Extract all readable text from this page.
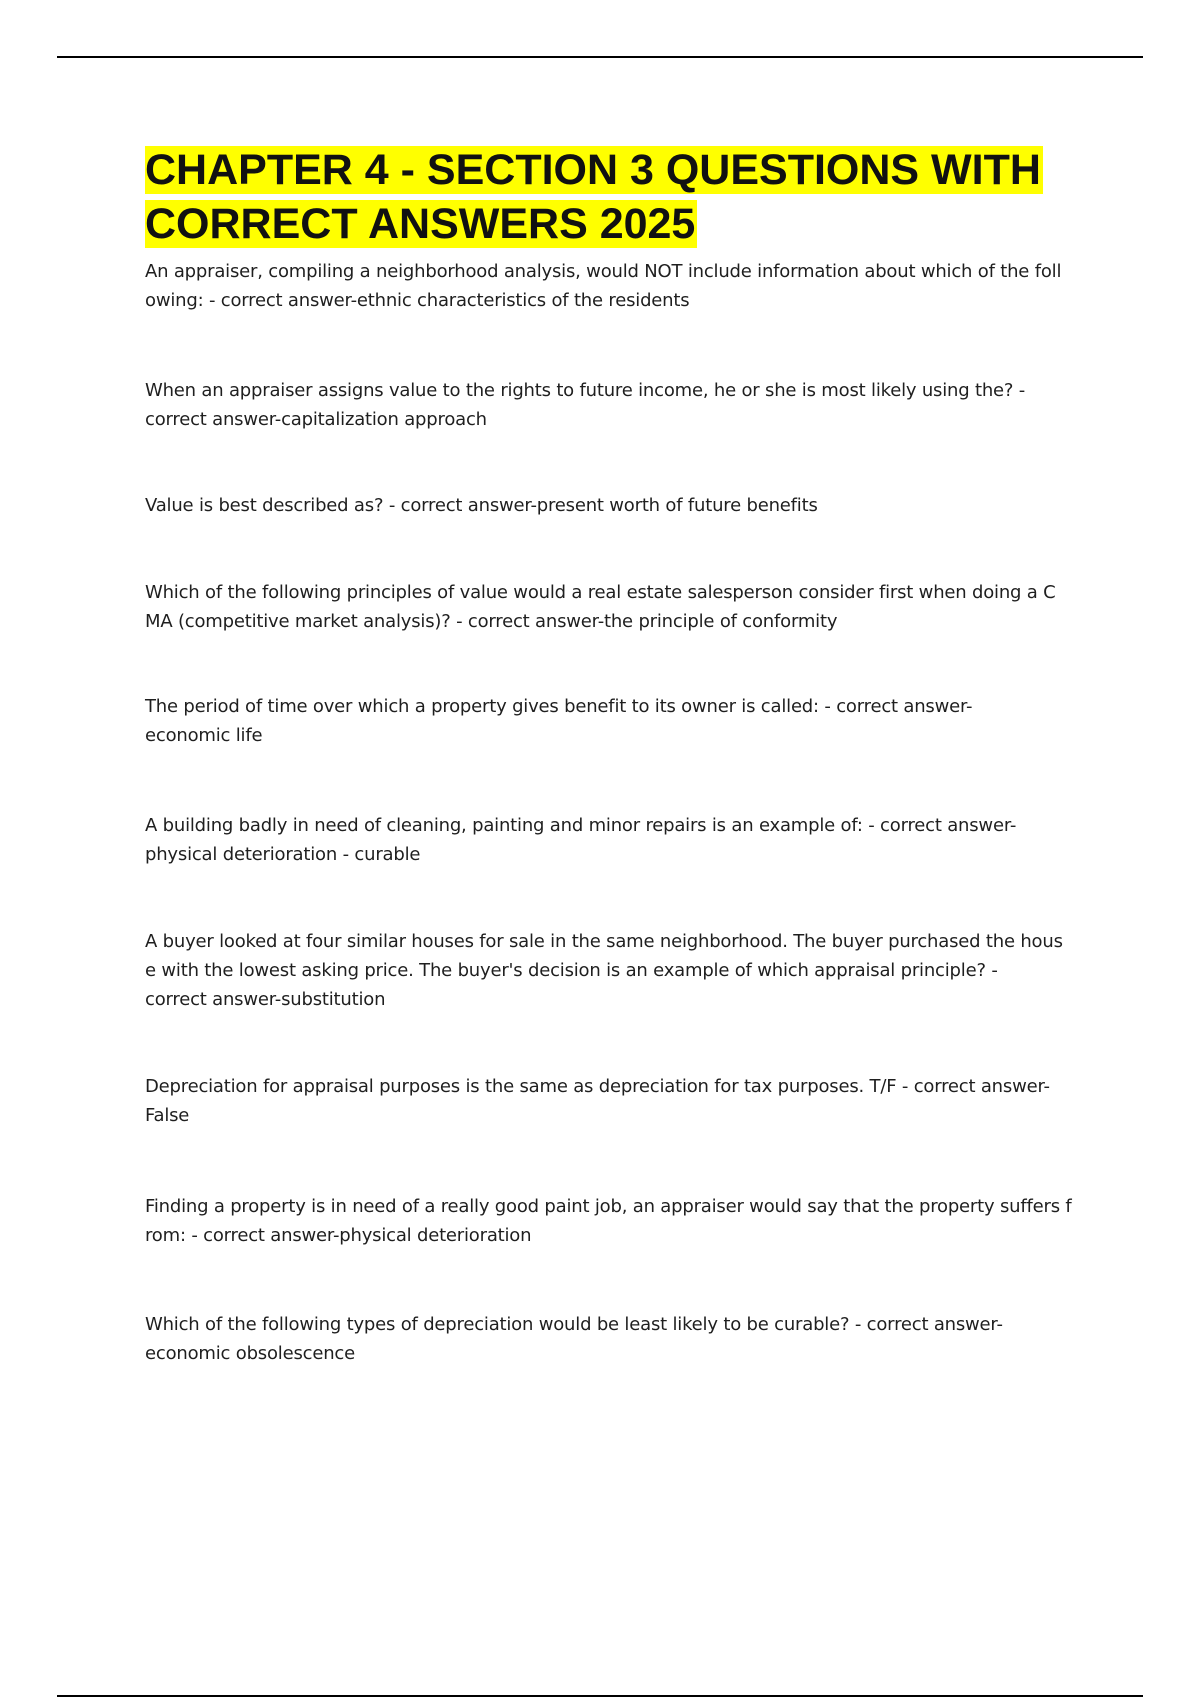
CHAPTER 4 - SECTION 3 QUESTIONS WITH CORRECT ANSWERS 2025

An appraiser, compiling a neighborhood analysis, would NOT include information about which of the foll
owing: - correct answer-ethnic characteristics of the residents

When an appraiser assigns value to the rights to future income, he or she is most likely using the? -
correct answer-capitalization approach

Value is best described as? - correct answer-present worth of future benefits

Which of the following principles of value would a real estate salesperson consider first when doing a C
MA (competitive market analysis)? - correct answer-the principle of conformity

The period of time over which a property gives benefit to its owner is called: - correct answer-
economic life

A building badly in need of cleaning, painting and minor repairs is an example of: - correct answer-
physical deterioration - curable

A buyer looked at four similar houses for sale in the same neighborhood. The buyer purchased the hous
e with the lowest asking price. The buyer's decision is an example of which appraisal principle? -
correct answer-substitution

Depreciation for appraisal purposes is the same as depreciation for tax purposes. T/F - correct answer-
False

Finding a property is in need of a really good paint job, an appraiser would say that the property suffers f
rom: - correct answer-physical deterioration

Which of the following types of depreciation would be least likely to be curable? - correct answer-
economic obsolescence
